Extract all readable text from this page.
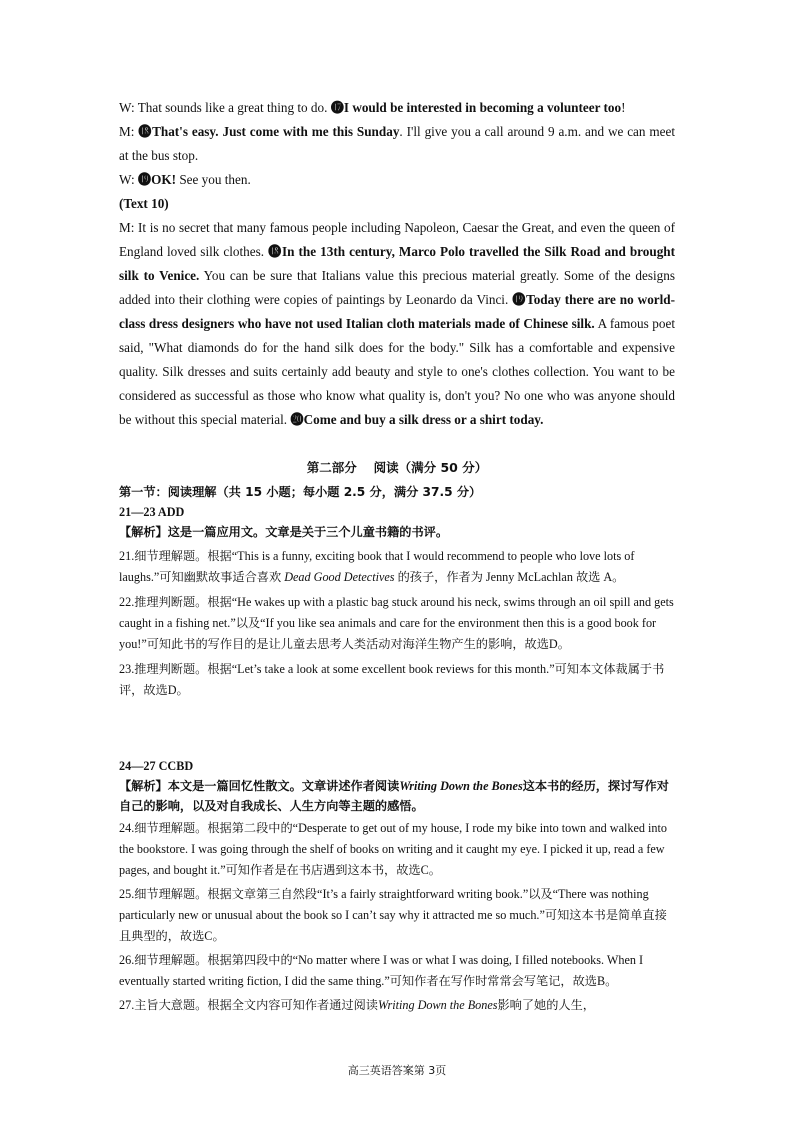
W: That sounds like a great thing to do. ⓱I would be interested in becoming a volunteer too!

M: ⓲That's easy. Just come with me this Sunday. I'll give you a call around 9 a.m. and we can meet at the bus stop.

W: ⓳OK! See you then.

(Text 10)

M: It is no secret that many famous people including Napoleon, Caesar the Great, and even the queen of England loved silk clothes. ⓲In the 13th century, Marco Polo travelled the Silk Road and brought silk to Venice. You can be sure that Italians value this precious material greatly. Some of the designs added into their clothing were copies of paintings by Leonardo da Vinci. ⓳Today there are no world-class dress designers who have not used Italian cloth materials made of Chinese silk. A famous poet said, "What diamonds do for the hand silk does for the body." Silk has a comfortable and expensive quality. Silk dresses and suits certainly add beauty and style to one's clothes collection. You want to be considered as successful as those who know what quality is, don't you? No one who was anyone should be without this special material. ⓴Come and buy a silk dress or a shirt today.

第二部分　 阅读（满分 50 分）

第一节：阅读理解（共 15 小题；每小题 2.5 分，满分 37.5 分）

21—23 ADD

【解析】这是一篇应用文。文章是关于三个儿童书籍的书评。

21.细节理解题。根据“This is a funny, exciting book that I would recommend to people who love lots of laughs.”可知幽默故事适合喜欢 Dead Good Detectives 的孩子，作者为 Jenny McLachlan 故选 A。

22.推理判断题。根据“He wakes up with a plastic bag stuck around his neck, swims through an oil spill and gets caught in a fishing net.”以及“If you like sea animals and care for the environment then this is a good book for you!”可知此书的写作目的是让儿童去思考人类活动对海洋生物产生的影响，故选D。

23.推理判断题。根据“Let’s take a look at some excellent book reviews for this month.”可知本文体裁属于书评，故选D。

24—27 CCBD

【解析】本文是一篇回忆性散文。文章讲述作者阅读Writing Down the Bones这本书的经历，探讨写作对自己的影响，以及对自我成长、人生方向等主题的感悟。

24.细节理解题。根据第二段中的“Desperate to get out of my house, I rode my bike into town and walked into the bookstore. I was going through the shelf of books on writing and it caught my eye. I picked it up, read a few pages, and bought it.”可知作者是在书店遇到这本书，故选C。

25.细节理解题。根据文章第三自然段“It’s a fairly straightforward writing book.”以及“There was nothing particularly new or unusual about the book so I can’t say why it attracted me so much.”可知这本书是简单直接且典型的，故选C。

26.细节理解题。根据第四段中的“No matter where I was or what I was doing, I filled notebooks. When I eventually started writing fiction, I did the same thing.”可知作者在写作时常常会写笔记，故选B。

27.主旨大意题。根据全文内容可知作者通过阅读Writing Down the Bones影响了她的人生，

高三英语答案第 3页
